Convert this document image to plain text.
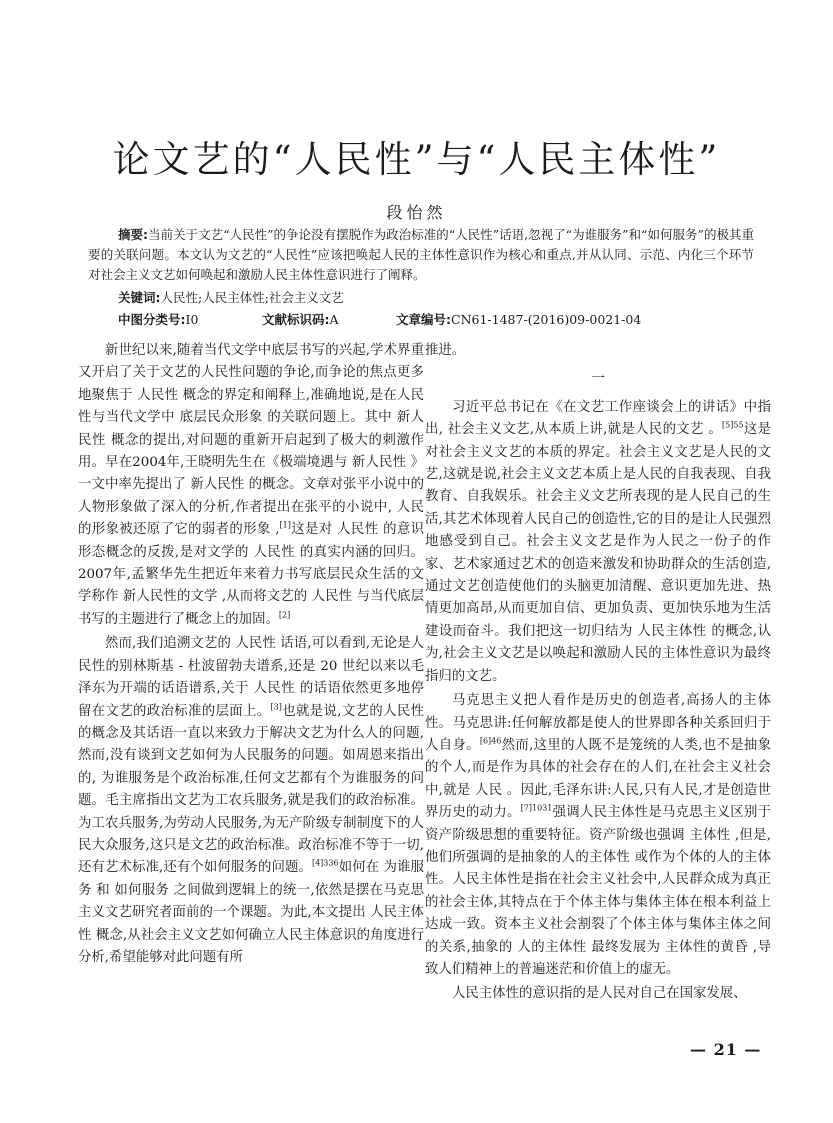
论文艺的“人民性”与“人民主体性”
段怡然
摘要:当前关于文艺“人民性”的争论没有摆脱作为政治标准的“人民性”话语,忽视了“为谁服务”和“如何服务”的极其重要的关联问题。本文认为文艺的“人民性”应该把唤起人民的主体性意识作为核心和重点,并从认同、示范、内化三个环节对社会主义文艺如何唤起和激励人民主体性意识进行了阐释。
关键词:人民性;人民主体性;社会主义文艺
中图分类号:I0	文献标识码:A	文章编号:CN61-1487-(2016)09-0021-04

新世纪以来,随着当代文学中底层书写的兴起,学术界重又开启了关于文艺的人民性问题的争论,而争论的焦点更多地聚焦于 人民性 概念的界定和阐释上,准确地说,是在人民性与当代文学中 底层民众形象 的关联问题上。其中 新人民性 概念的提出,对问题的重新开启起到了极大的刺激作用。早在2004年,王晓明先生在《极端境遇与 新人民性 》一文中率先提出了 新人民性 的概念。文章对张平小说中的人物形象做了深入的分析,作者提出在张平的小说中, 人民 的形象被还原了它的弱者的形象 ,[1]这是对 人民性 的意识形态概念的反拨,是对文学的 人民性 的真实内涵的回归。2007年,孟繁华先生把近年来着力书写底层民众生活的文学称作 新人民性的文学 ,从而将文艺的 人民性 与当代底层书写的主题进行了概念上的加固。[2]

然而,我们追溯文艺的 人民性 话语,可以看到,无论是人民性的别林斯基 - 杜波留勃夫谱系,还是 20 世纪以来以毛泽东为开端的话语谱系,关于 人民性 的话语依然更多地停留在文艺的政治标准的层面上。[3]也就是说,文艺的人民性的概念及其话语一直以来致力于解决文艺为什么人的问题,然而,没有谈到文艺如何为人民服务的问题。如周恩来指出的, 为谁服务是个政治标准,任何文艺都有个为谁服务的问题。毛主席指出文艺为工农兵服务,就是我们的政治标准。为工农兵服务,为劳动人民服务,为无产阶级专制制度下的人民大众服务,这只是文艺的政治标准。政治标准不等于一切,还有艺术标准,还有个如何服务的问题。$^{[4]336}$如何在 为谁服务 和 如何服务 之间做到逻辑上的统一,依然是摆在马克思主义文艺研究者面前的一个课题。为此,本文提出 人民主体性 概念,从社会主义文艺如何确立人民主体意识的角度进行分析,希望能够对此问题有所

推进。
一

习近平总书记在《在文艺工作座谈会上的讲话》中指出, 社会主义文艺,从本质上讲,就是人民的文艺 。$^{[5]55}$这是对社会主义文艺的本质的界定。社会主义文艺是人民的文艺,这就是说,社会主义文艺本质上是人民的自我表现、自我教育、自我娱乐。社会主义文艺所表现的是人民自己的生活,其艺术体现着人民自己的创造性,它的目的是让人民强烈地感受到自己。社会主义文艺是作为人民之一份子的作家、艺术家通过艺术的创造来激发和协助群众的生活创造,通过文艺创造使他们的头脑更加清醒、意识更加先进、热情更加高昂,从而更加自信、更加负责、更加快乐地为生活建设而奋斗。我们把这一切归结为 人民主体性 的概念,认为,社会主义文艺是以唤起和激励人民的主体性意识为最终指归的文艺。

马克思主义把人看作是历史的创造者,高扬人的主体性。马克思讲:任何解放都是使人的世界即各种关系回归于人自身。$^{[6]46}$然而,这里的人既不是笼统的人类,也不是抽象的个人,而是作为具体的社会存在的人们,在社会主义社会中,就是 人民 。因此,毛泽东讲:人民,只有人民,才是创造世界历史的动力。$^{[7]1031}$强调人民主体性是马克思主义区别于资产阶级思想的重要特征。资产阶级也强调 主体性 ,但是,他们所强调的是抽象的人的主体性 或作为个体的人的主体性。人民主体性是指在社会主义社会中,人民群众成为真正的社会主体,其特点在于个体主体与集体主体在根本利益上达成一致。资本主义社会割裂了个体主体与集体主体之间的关系,抽象的 人的主体性 最终发展为 主体性的黄昏 ,导致人们精神上的普遍迷茫和价值上的虚无。

人民主体性的意识指的是人民对自己在国家发展、

— 21 —
